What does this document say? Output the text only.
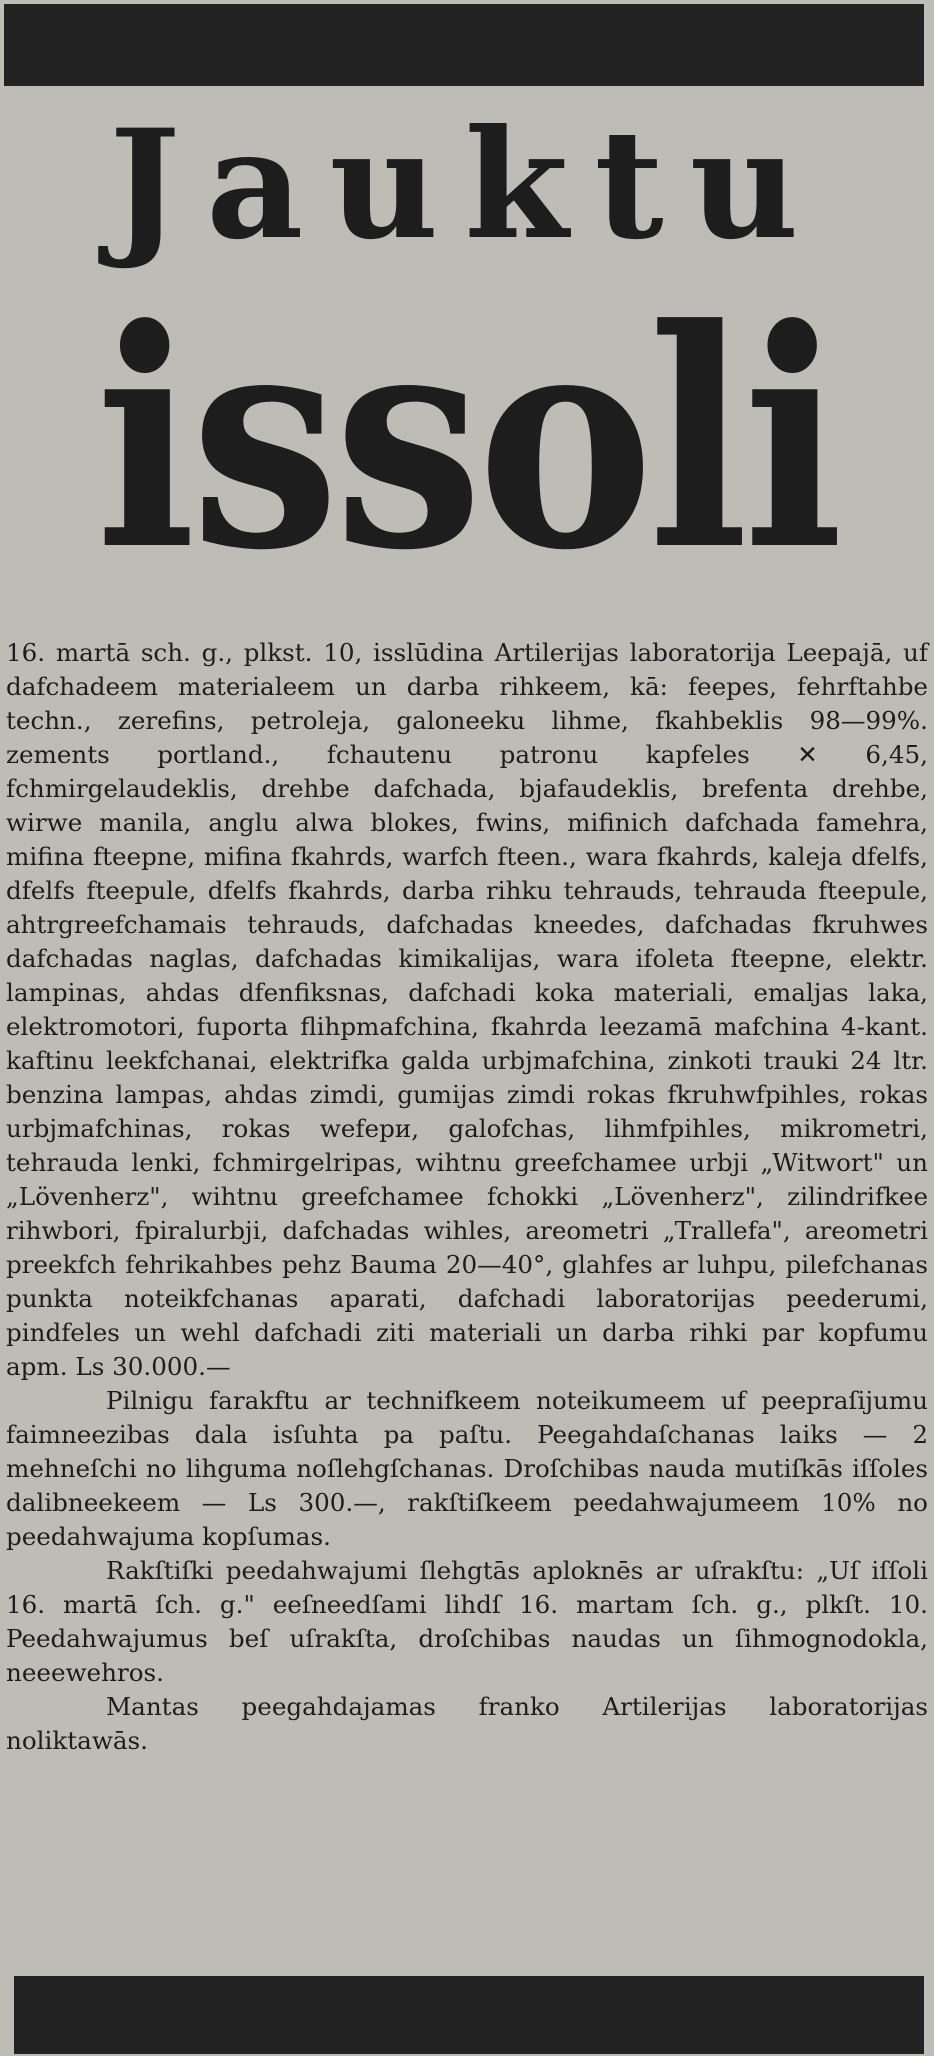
Jauktu
issoli

16. martā sch. g., plkst. 10, isslūdina Artilerijas laboratorija Leepajā, uf dafchadeem materialeem un darba rihkeem, kā: feepes, fehrftahbe techn., zerefins, petroleja, galoneeku lihme, fkahbeklis 98—99%. zements portland., fchautenu patronu kapfeles ✕ 6,45, fchmirgelaudeklis, drehbe dafchada, bjafaudeklis, brefenta drehbe, wirwe manila, anglu alwa blokes, fwins, mifinich dafchada famehra, mifina fteepne, mifina fkahrds, warfch fteen., wara fkahrds, kaleja dfelfs, dfelfs fteepule, dfelfs fkahrds, darba rihku tehrauds, tehrauda fteepule, ahtrgreefchamais tehrauds, dafchadas kneedes, dafchadas fkruhwes dafchadas naglas, dafchadas kimikalijas, wara ifoleta fteepne, elektr. lampinas, ahdas dfenfiksnas, dafchadi koka materiali, emaljas laka, elektromotori, fuporta flihpmafchina, fkahrda leezamā mafchina 4-kant. kaftinu leekfchanai, elektrifka galda urbjmafchina, zinkoti trauki 24 ltr. benzina lampas, ahdas zimdi, gumijas zimdi rokas fkruhwfpihles, rokas urbjmafchinas, rokas wefери, galofchas, lihmfpihles, mikrometri, tehrauda lenki, fchmirgelripas, wihtnu greefchamee urbji „Witwort" un „Lövenherz", wihtnu greefchamee fchokki „Lövenherz", zilindrifkee rihwbori, fpiralurbji, dafchadas wihles, areometri „Trallefa", areometri preekfch fehrikahbes pehz Bauma 20—40°, glahfes ar luhpu, pilefchanas punkta noteikfchanas aparati, dafchadi laboratorijas peederumi, pindfeles un wehl dafchadi ziti materiali un darba rihki par kopfumu apm. Ls 30.000.—

Pilnigu farakftu ar technifkeem noteikumeem uf peepraſijumu faimneezibas dala isſuhta pa paſtu. Peegahdaſchanas laiks — 2 mehneſchi no lihguma noſlehgſchanas. Droſchibas nauda mutiſkās iſſoles dalibneekeem — Ls 300.—, rakſtiſkeem peedahwajumeem 10% no peedahwajuma kopſumas.

Rakſtiſki peedahwajumi ſlehgtās aploknēs ar uſrakſtu: „Uſ iſſoli 16. martā ſch. g." eeſneedſami lihdſ 16. martam ſch. g., plkſt. 10. Peedahwajumus beſ uſrakſta, droſchibas naudas un ſihmognodokla, neeewehros.

Mantas peegahdajamas franko Artilerijas laboratorijas noliktawās.
